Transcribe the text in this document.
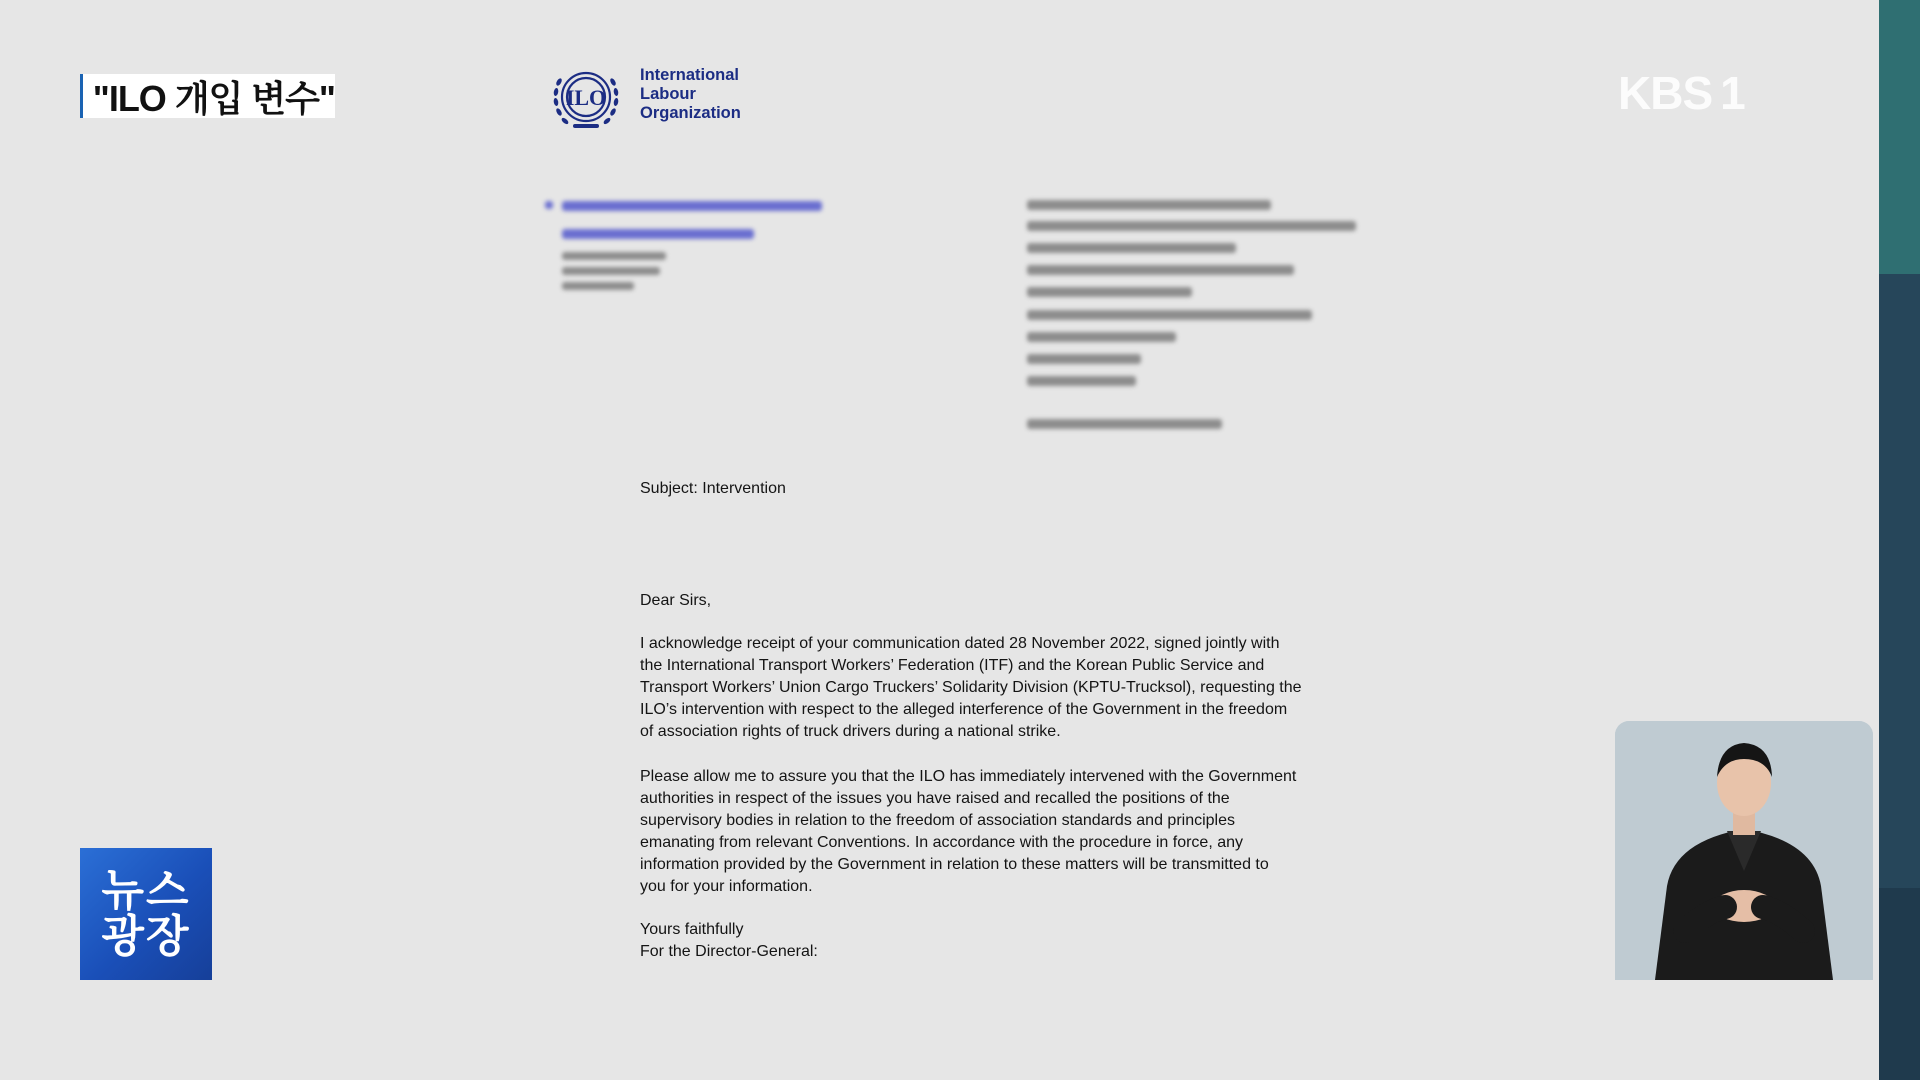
"ILO 개입 변수"	KBS 1
ILO
International
Labour
Organization
Subject: Intervention
Dear Sirs,
I acknowledge receipt of your communication dated 28 November 2022, signed jointly with
the International Transport Workers’ Federation (ITF) and the Korean Public Service and
Transport Workers’ Union Cargo Truckers’ Solidarity Division (KPTU-Trucksol), requesting the
ILO’s intervention with respect to the alleged interference of the Government in the freedom
of association rights of truck drivers during a national strike.
Please allow me to assure you that the ILO has immediately intervened with the Government
authorities in respect of the issues you have raised and recalled the positions of the
supervisory bodies in relation to the freedom of association standards and principles
emanating from relevant Conventions. In accordance with the procedure in force, any
information provided by the Government in relation to these matters will be transmitted to
you for your information.
Yours faithfully
For the Director-General:
뉴스
광장
